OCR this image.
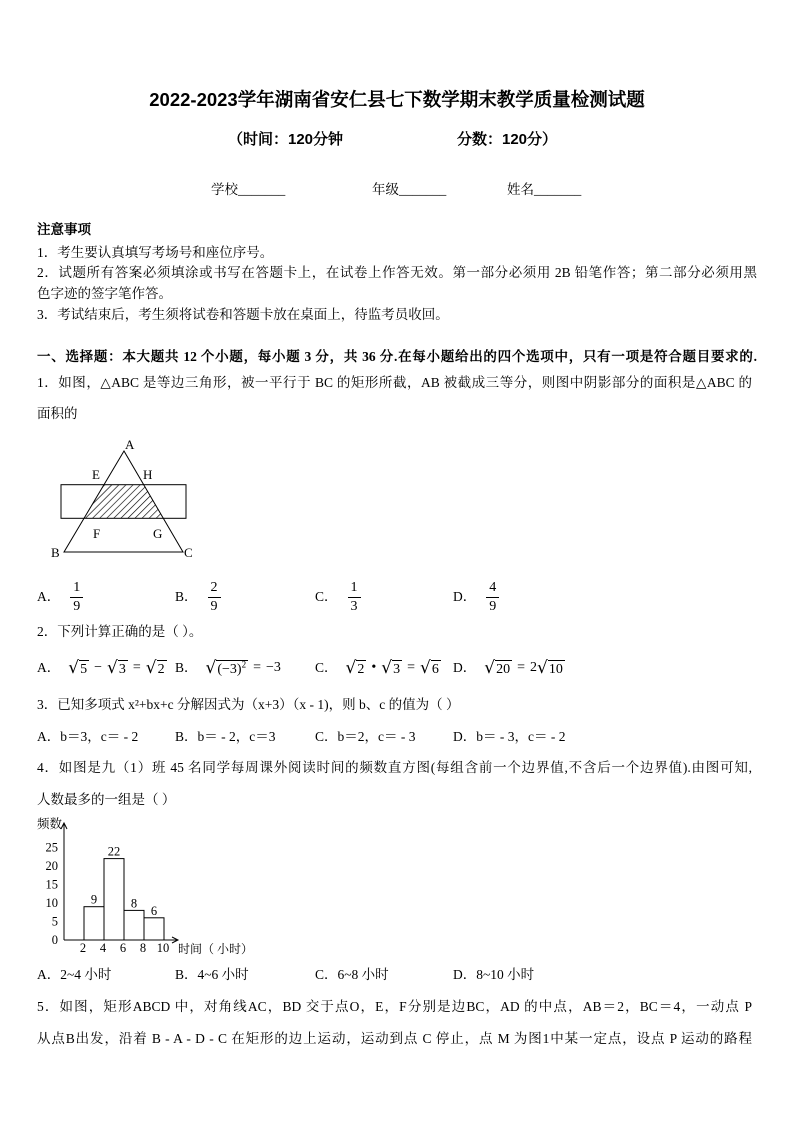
2022-2023学年湖南省安仁县七下数学期末教学质量检测试题
（时间：120分钟	分数：120分）
学校_______	年级_______	姓名_______
注意事项
1．考生要认真填写考场号和座位序号。
2．试题所有答案必须填涂或书写在答题卡上，在试卷上作答无效。第一部分必须用 2B 铅笔作答；第二部分必须用黑
色字迹的签字笔作答。
3．考试结束后，考生须将试卷和答题卡放在桌面上，待监考员收回。
一、选择题：本大题共 12 个小题，每小题 3 分，共 36 分.在每小题给出的四个选项中，只有一项是符合题目要求的.
1．如图，△ABC 是等边三角形，被一平行于 BC 的矩形所截，AB 被截成三等分，则图中阴影部分的面积是△ABC 的
面积的
A
E	H
F	G
B	C
A． $\frac{1}{9}$	B． $\frac{2}{9}$	C． $\frac{1}{3}$	D． $\frac{4}{9}$
2．下列计算正确的是（ ）。
A． √ 5 − √ 3 = √ 2 B． √ $(-3)^2 = -3$	C． √ 2 • √ 3 = √ 6 D． √ 20 = 2 √ 10
3．已知多项式 x²+bx+c 分解因式为（x+3）（x - 1)，则 b、c 的值为（ ）
A．b＝3，c＝ - 2	B．b＝ - 2，c＝3	C．b＝2，c＝ - 3	D．b＝ - 3，c＝ - 2
4．如图是九（1）班 45 名同学每周课外阅读时间的频数直方图(每组含前一个边界值,不含后一个边界值).由图可知,
人数最多的一组是（ ）
频数
时间（ 小时）
0
5
10
15
20
25
2 4 6 8 10
9
22
8
6
A．2~4 小时	B．4~6 小时	C．6~8 小时	D．8~10 小时
5．如图，矩形ABCD 中，对角线AC，BD 交于点O，E，F分别是边BC，AD 的中点，AB＝2，BC＝4，一动点 P
从点B出发，沿着 B - A - D - C 在矩形的边上运动，运动到点 C 停止，点 M 为图1中某一定点，设点 P 运动的路程
